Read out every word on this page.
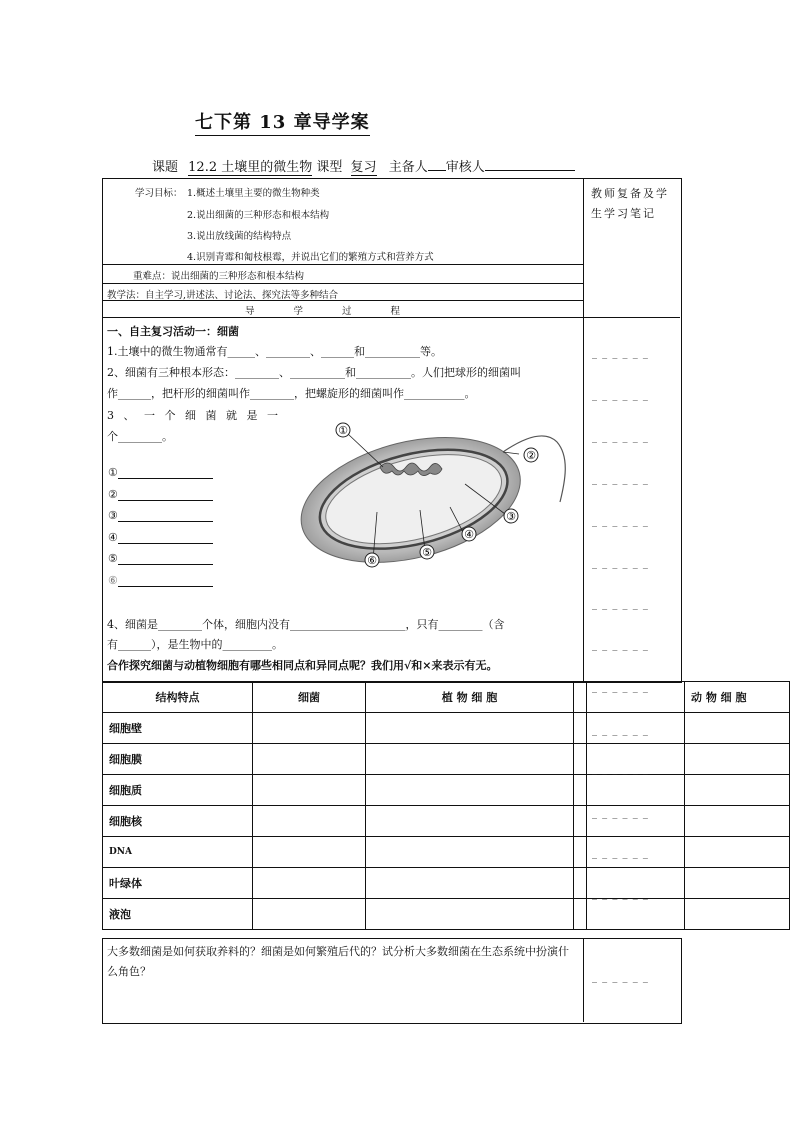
七下第 13 章导学案
课题 12.2 土壤里的微生物 课型 复习 主备人 审核人
教师复备及学生学习笔记
学习目标： 1.概述土壤里主要的微生物种类
2.说出细菌的三种形态和根本结构
3.说出放线菌的结构特点
4.识别青霉和匍枝根霉，并说出它们的繁殖方式和营养方式
重难点：说出细菌的三种形态和根本结构
教学法：自主学习,讲述法、讨论法、探究法等多种结合
导 学 过 程
一、自主复习活动一：细菌
1.土壤中的微生物通常有_____、________、______和__________等。
2、细菌有三种根本形态：________、__________和__________。人们把球形的细菌叫
作______，把杆形的细菌叫作________，把螺旋形的细菌叫作___________。
3 、 一 个 细 菌 就 是 一
个________。
①
②
③
④
⑤
⑥
①
②
③
④
⑤
⑥
4、细菌是________个体，细胞内没有_____________________，只有________（含
有______），是生物中的_________。
合作探究细菌与动植物细胞有哪些相同点和异同点呢？我们用√和×来表示有无。
结构特点	细菌	植 物 细 胞			动 物 细 胞
细胞壁					
细胞膜					
细胞质					
细胞核					
DNA					
叶绿体					
液泡					
大多数细菌是如何获取养料的？细菌是如何繁殖后代的？试分析大多数细菌在生态系统中扮演什么角色？
_ _ _ _ _ _
_ _ _ _ _ _
_ _ _ _ _ _
_ _ _ _ _ _
_ _ _ _ _ _
_ _ _ _ _ _
_ _ _ _ _ _
_ _ _ _ _ _
_ _ _ _ _ _
_ _ _ _ _ _
_ _ _ _ _ _
_ _ _ _ _ _
_ _ _ _ _ _
_ _ _ _ _ _
_ _ _ _ _ _
